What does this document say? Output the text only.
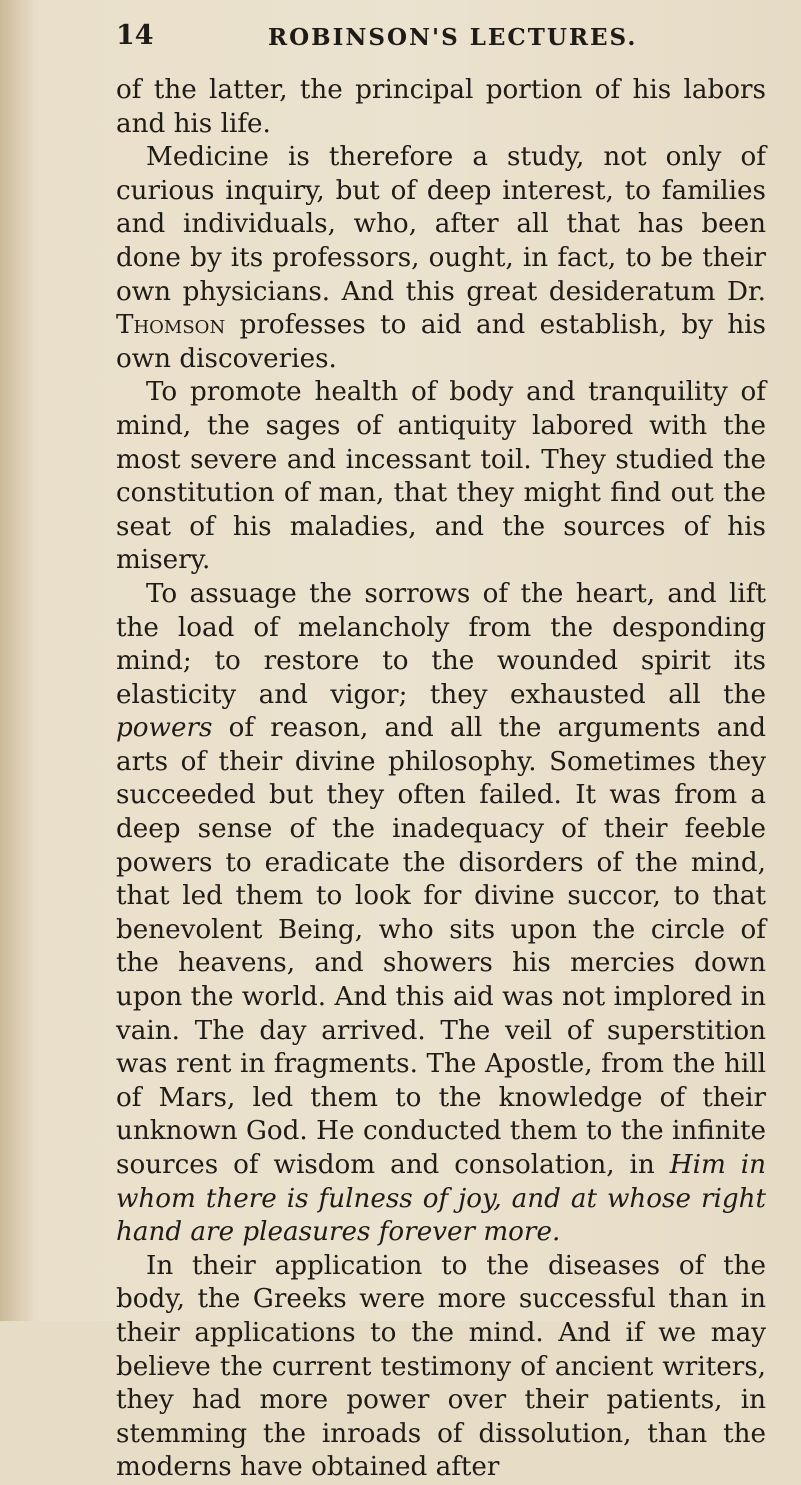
14	ROBINSON'S LECTURES.

of the latter, the principal portion of his labors and his life.

Medicine is therefore a study, not only of curious inquiry, but of deep interest, to families and individuals, who, after all that has been done by its professors, ought, in fact, to be their own physicians. And this great desideratum Dr. Thomson professes to aid and establish, by his own discoveries.

To promote health of body and tranquility of mind, the sages of antiquity labored with the most severe and incessant toil. They studied the constitution of man, that they might find out the seat of his maladies, and the sources of his misery.

To assuage the sorrows of the heart, and lift the load of melancholy from the desponding mind; to restore to the wounded spirit its elasticity and vigor; they exhausted all the powers of reason, and all the arguments and arts of their divine philosophy. Sometimes they succeeded but they often failed. It was from a deep sense of the inadequacy of their feeble powers to eradicate the disorders of the mind, that led them to look for divine succor, to that benevolent Being, who sits upon the circle of the heavens, and showers his mercies down upon the world. And this aid was not implored in vain. The day arrived. The veil of superstition was rent in fragments. The Apostle, from the hill of Mars, led them to the knowledge of their unknown God. He conducted them to the infinite sources of wisdom and consolation, in Him in whom there is fulness of joy, and at whose right hand are pleasures forever more.

In their application to the diseases of the body, the Greeks were more successful than in their applications to the mind. And if we may believe the current testimony of ancient writers, they had more power over their patients, in stemming the inroads of dissolution, than the moderns have obtained after
